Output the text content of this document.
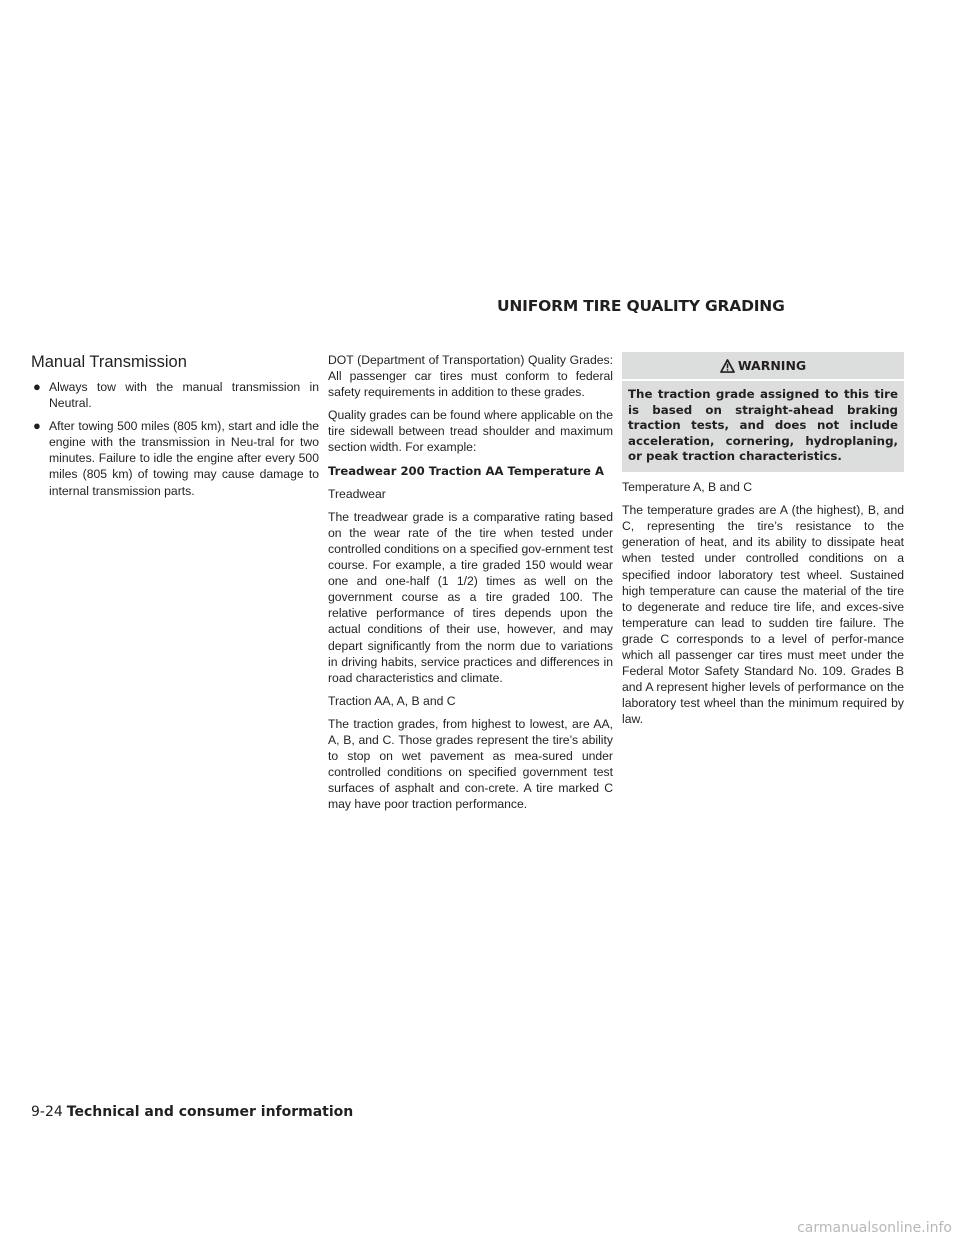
UNIFORM TIRE QUALITY GRADING
Manual Transmission
● Always tow with the manual transmission in Neutral.
● After towing 500 miles (805 km), start and idle the engine with the transmission in Neu-tral for two minutes. Failure to idle the engine after every 500 miles (805 km) of towing may cause damage to internal transmission parts.

DOT (Department of Transportation) Quality Grades: All passenger car tires must conform to federal safety requirements in addition to these grades.

Quality grades can be found where applicable on the tire sidewall between tread shoulder and maximum section width. For example:

Treadwear 200 Traction AA Temperature A

Treadwear

The treadwear grade is a comparative rating based on the wear rate of the tire when tested under controlled conditions on a specified gov-ernment test course. For example, a tire graded 150 would wear one and one-half (1 1/2) times as well on the government course as a tire graded 100. The relative performance of tires depends upon the actual conditions of their use, however, and may depart significantly from the norm due to variations in driving habits, service practices and differences in road characteristics and climate.

Traction AA, A, B and C

The traction grades, from highest to lowest, are AA, A, B, and C. Those grades represent the tire’s ability to stop on wet pavement as mea-sured under controlled conditions on specified government test surfaces of asphalt and con-crete. A tire marked C may have poor traction performance.

WARNING

The traction grade assigned to this tire is based on straight-ahead braking traction tests, and does not include acceleration, cornering, hydroplaning, or peak traction characteristics.

Temperature A, B and C

The temperature grades are A (the highest), B, and C, representing the tire’s resistance to the generation of heat, and its ability to dissipate heat when tested under controlled conditions on a specified indoor laboratory test wheel. Sustained high temperature can cause the material of the tire to degenerate and reduce tire life, and exces-sive temperature can lead to sudden tire failure. The grade C corresponds to a level of perfor-mance which all passenger car tires must meet under the Federal Motor Safety Standard No. 109. Grades B and A represent higher levels of performance on the laboratory test wheel than the minimum required by law.

9-24 Technical and consumer information
carmanualsonline.info
